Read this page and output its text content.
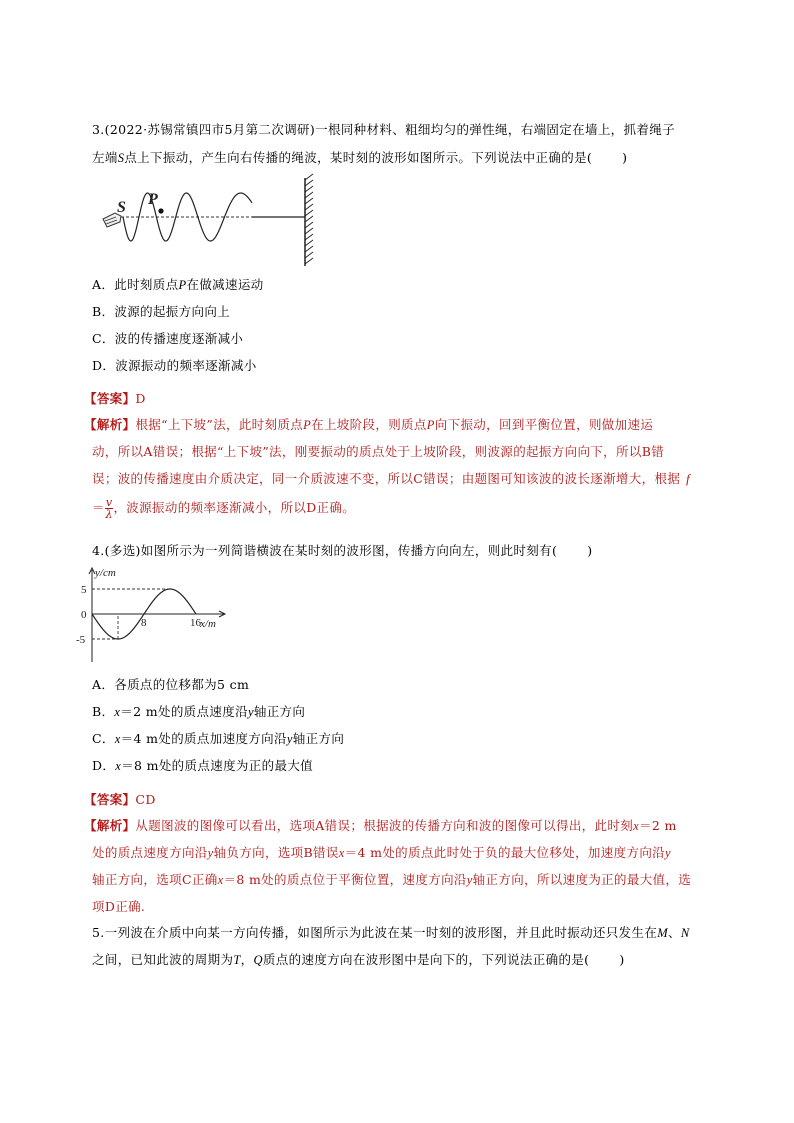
3.(2022·苏锡常镇四市5月第二次调研)一根同种材料、粗细均匀的弹性绳，右端固定在墙上，抓着绳子
左端S点上下振动，产生向右传播的绳波，某时刻的波形如图所示。下列说法中正确的是( )
S P
A．此时刻质点P在做减速运动
B．波源的起振方向向上
C．波的传播速度逐渐减小
D．波源振动的频率逐渐减小
【答案】D
【解析】根据“上下坡”法，此时刻质点P在上坡阶段，则质点P向下振动，回到平衡位置，则做加速运
动，所以A错误；根据“上下坡”法，刚要振动的质点处于上坡阶段，则波源的起振方向向下，所以B错
误；波的传播速度由介质决定，同一介质波速不变，所以C错误；由题图可知该波的波长逐渐增大，根据 f
＝ $\frac{v}{\lambda}$ ，波源振动的频率逐渐减小，所以D正确。
4.(多选)如图所示为一列简谐横波在某时刻的波形图，传播方向向左，则此时刻有( )
y/cm
x/m
5
0
-5
8	16
A．各质点的位移都为5 cm
B．x＝2 m处的质点速度沿y轴正方向
C．x＝4 m处的质点加速度方向沿y轴正方向
D．x＝8 m处的质点速度为正的最大值
【答案】CD
【解析】从题图波的图像可以看出，选项A错误；根据波的传播方向和波的图像可以得出，此时刻x＝2 m
处的质点速度方向沿y轴负方向，选项B错误x＝4 m处的质点此时处于负的最大位移处，加速度方向沿y
轴正方向，选项C正确x＝8 m处的质点位于平衡位置，速度方向沿y轴正方向，所以速度为正的最大值，选
项D正确.
5.一列波在介质中向某一方向传播，如图所示为此波在某一时刻的波形图，并且此时振动还只发生在M、N
之间，已知此波的周期为T，Q质点的速度方向在波形图中是向下的，下列说法正确的是( )
